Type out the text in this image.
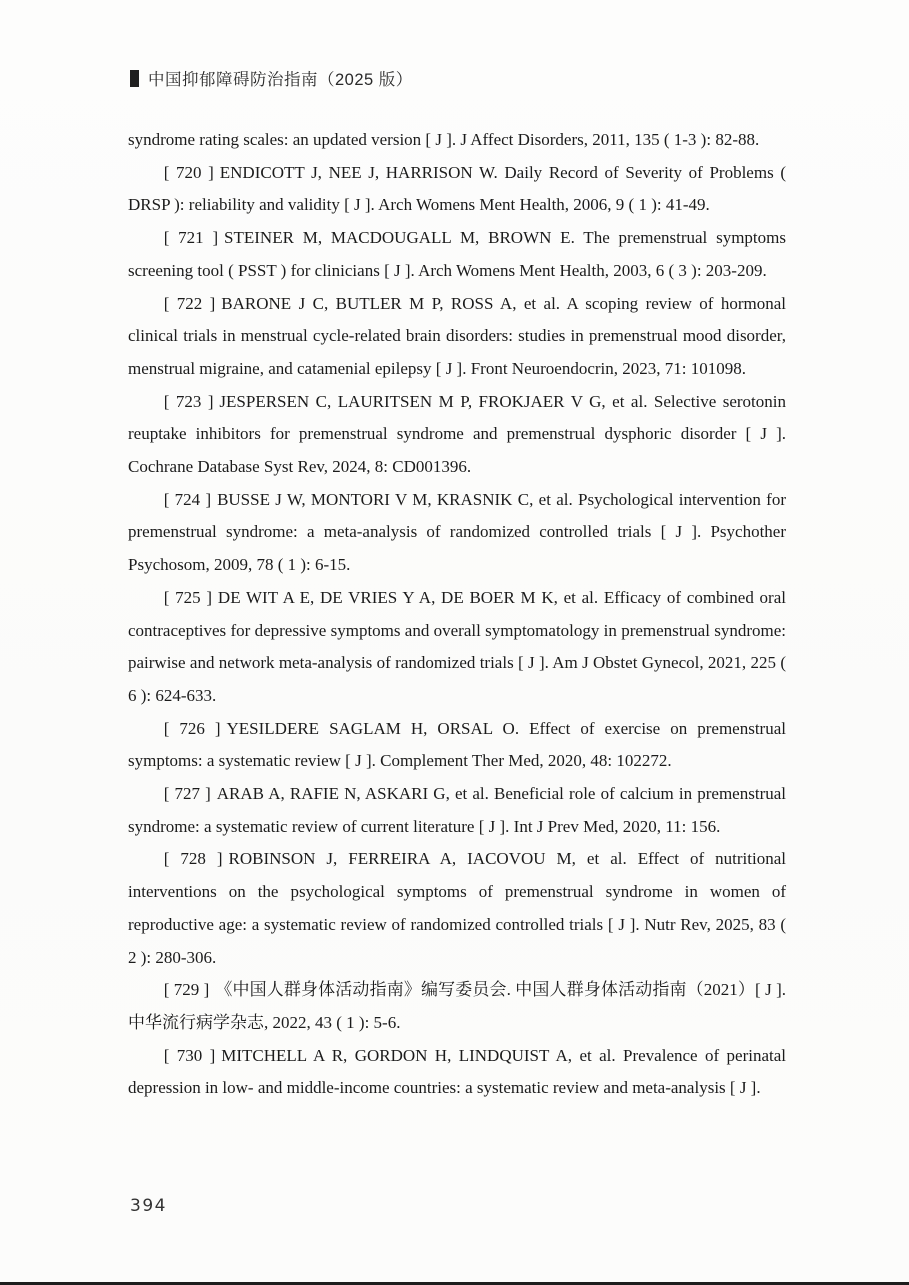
中国抑郁障碍防治指南（2025 版）

syndrome rating scales: an updated version [ J ]. J Affect Disorders, 2011, 135 ( 1-3 ): 82-88.

[ 720 ] ENDICOTT J, NEE J, HARRISON W. Daily Record of Severity of Problems ( DRSP ): reliability and validity [ J ]. Arch Womens Ment Health, 2006, 9 ( 1 ): 41-49.

[ 721 ] STEINER M, MACDOUGALL M, BROWN E. The premenstrual symptoms screening tool ( PSST ) for clinicians [ J ]. Arch Womens Ment Health, 2003, 6 ( 3 ): 203-209.

[ 722 ] BARONE J C, BUTLER M P, ROSS A, et al. A scoping review of hormonal clinical trials in menstrual cycle-related brain disorders: studies in premenstrual mood disorder, menstrual migraine, and catamenial epilepsy [ J ]. Front Neuroendocrin, 2023, 71: 101098.

[ 723 ] JESPERSEN C, LAURITSEN M P, FROKJAER V G, et al. Selective serotonin reuptake inhibitors for premenstrual syndrome and premenstrual dysphoric disorder [ J ]. Cochrane Database Syst Rev, 2024, 8: CD001396.

[ 724 ] BUSSE J W, MONTORI V M, KRASNIK C, et al. Psychological intervention for premenstrual syndrome: a meta-analysis of randomized controlled trials [ J ]. Psychother Psychosom, 2009, 78 ( 1 ): 6-15.

[ 725 ] DE WIT A E, DE VRIES Y A, DE BOER M K, et al. Efficacy of combined oral contraceptives for depressive symptoms and overall symptomatology in premenstrual syndrome: pairwise and network meta-analysis of randomized trials [ J ]. Am J Obstet Gynecol, 2021, 225 ( 6 ): 624-633.

[ 726 ] YESILDERE SAGLAM H, ORSAL O. Effect of exercise on premenstrual symptoms: a systematic review [ J ]. Complement Ther Med, 2020, 48: 102272.

[ 727 ] ARAB A, RAFIE N, ASKARI G, et al. Beneficial role of calcium in premenstrual syndrome: a systematic review of current literature [ J ]. Int J Prev Med, 2020, 11: 156.

[ 728 ] ROBINSON J, FERREIRA A, IACOVOU M, et al. Effect of nutritional interventions on the psychological symptoms of premenstrual syndrome in women of reproductive age: a systematic review of randomized controlled trials [ J ]. Nutr Rev, 2025, 83 ( 2 ): 280-306.

[ 729 ] 《中国人群身体活动指南》编写委员会. 中国人群身体活动指南（2021）[ J ]. 中华流行病学杂志, 2022, 43 ( 1 ): 5-6.

[ 730 ] MITCHELL A R, GORDON H, LINDQUIST A, et al. Prevalence of perinatal depression in low- and middle-income countries: a systematic review and meta-analysis [ J ].

394
